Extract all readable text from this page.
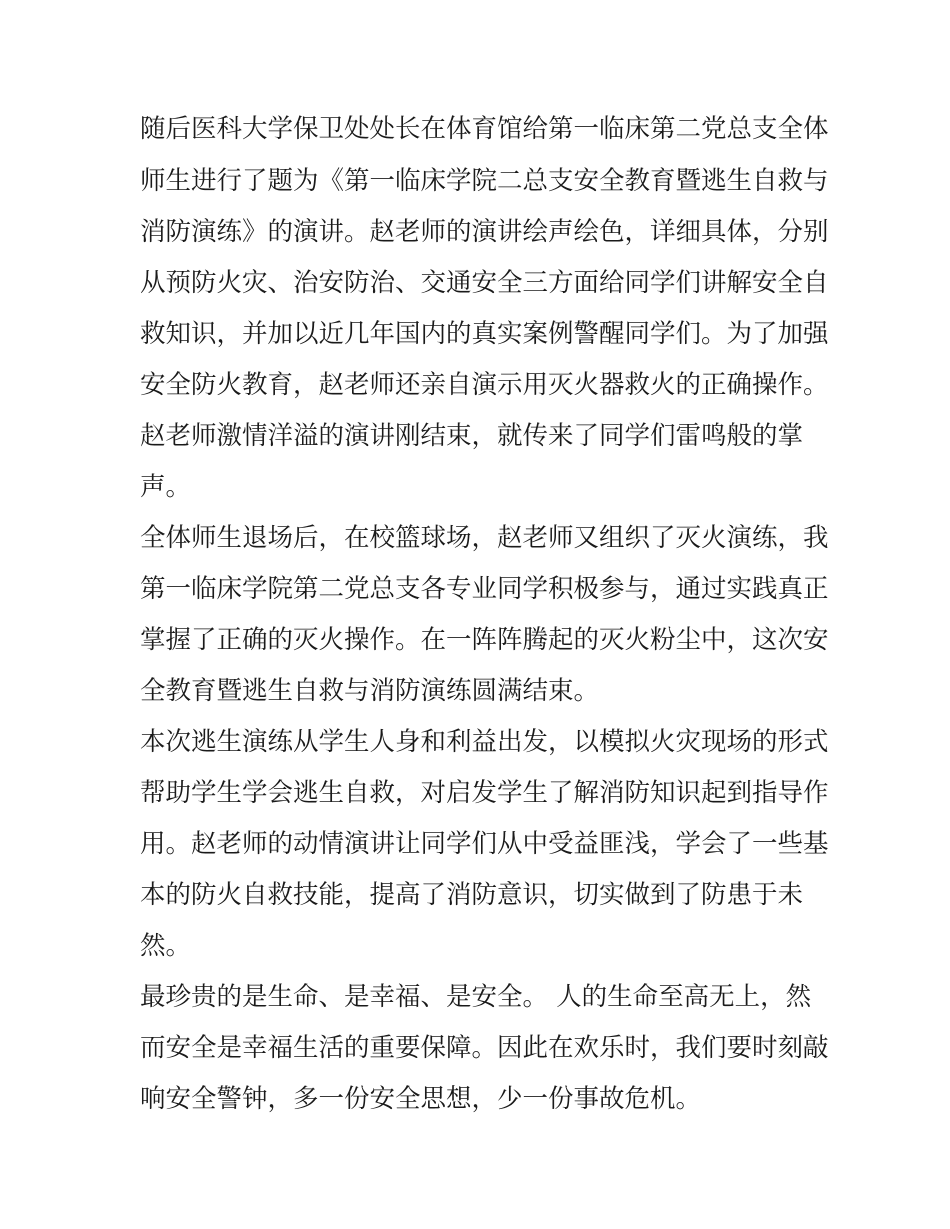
随后医科大学保卫处处长在体育馆给第一临床第二党总支全体

师生进行了题为《第一临床学院二总支安全教育暨逃生自救与

消防演练》的演讲。赵老师的演讲绘声绘色，详细具体，分别

从预防火灾、治安防治、交通安全三方面给同学们讲解安全自

救知识，并加以近几年国内的真实案例警醒同学们。为了加强

安全防火教育，赵老师还亲自演示用灭火器救火的正确操作。

赵老师激情洋溢的演讲刚结束，就传来了同学们雷鸣般的掌

声。

全体师生退场后，在校篮球场，赵老师又组织了灭火演练，我

第一临床学院第二党总支各专业同学积极参与，通过实践真正

掌握了正确的灭火操作。在一阵阵腾起的灭火粉尘中，这次安

全教育暨逃生自救与消防演练圆满结束。

本次逃生演练从学生人身和利益出发，以模拟火灾现场的形式

帮助学生学会逃生自救，对启发学生了解消防知识起到指导作

用。赵老师的动情演讲让同学们从中受益匪浅，学会了一些基

本的防火自救技能，提高了消防意识，切实做到了防患于未

然。

最珍贵的是生命、是幸福、是安全。 人的生命至高无上，然

而安全是幸福生活的重要保障。因此在欢乐时，我们要时刻敲

响安全警钟，多一份安全思想，少一份事故危机。
